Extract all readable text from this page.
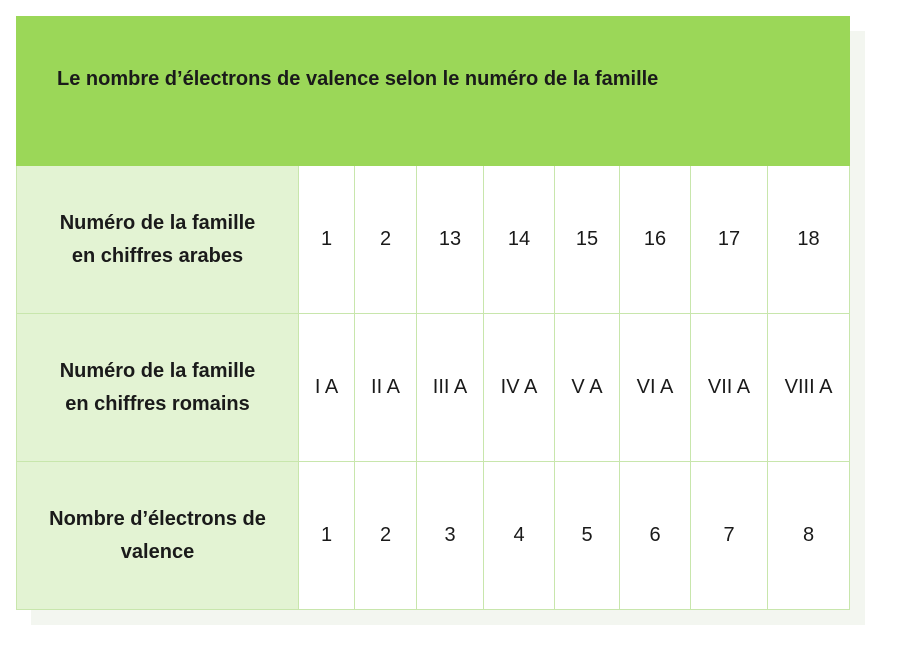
Le nombre d’électrons de valence selon le numéro de la famille								
Numéro de la famille
en chiffres arabes	1	2	13	14	15	16	17	18
Numéro de la famille
en chiffres romains	I A	II A	III A	IV A	V A	VI A	VII A	VIII A
Nombre d’électrons de
valence	1	2	3	4	5	6	7	8
